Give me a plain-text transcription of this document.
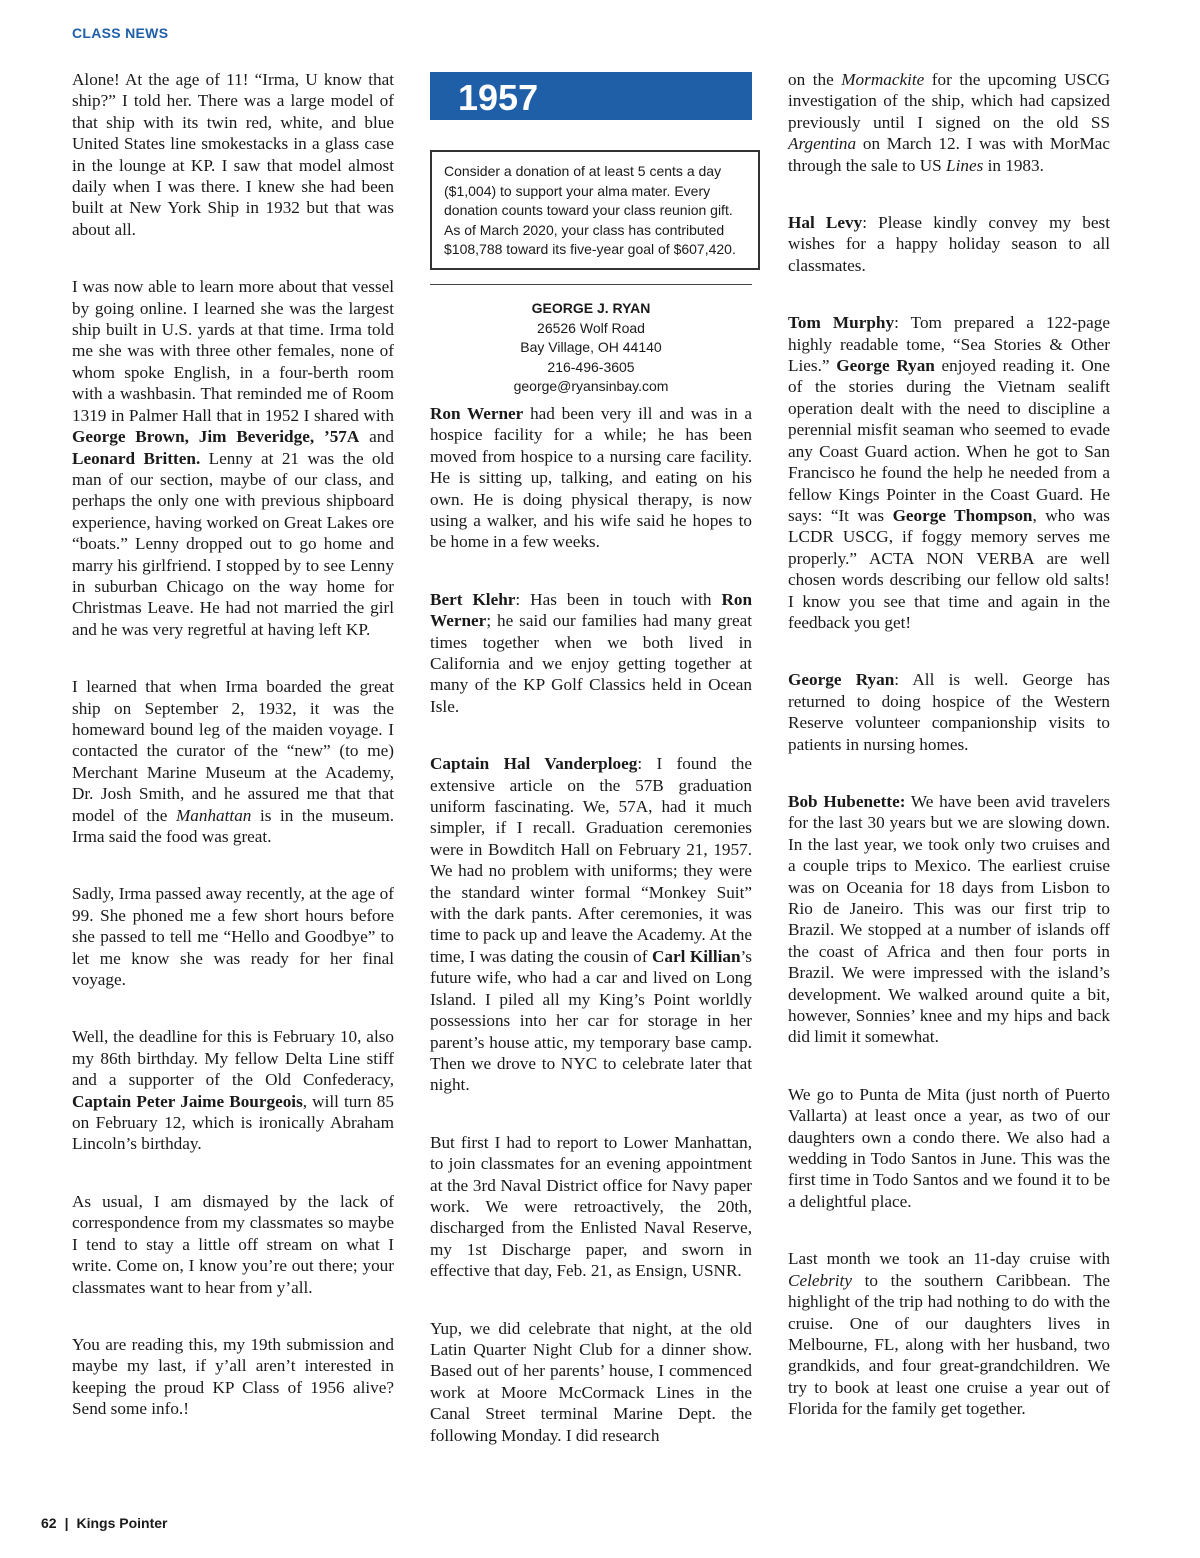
CLASS NEWS

Alone! At the age of 11! “Irma, U know that ship?” I told her. There was a large model of that ship with its twin red, white, and blue United States line smokestacks in a glass case in the lounge at KP. I saw that model almost daily when I was there. I knew she had been built at New York Ship in 1932 but that was about all.

I was now able to learn more about that vessel by going online. I learned she was the largest ship built in U.S. yards at that time. Irma told me she was with three other females, none of whom spoke English, in a four-berth room with a washbasin. That reminded me of Room 1319 in Palmer Hall that in 1952 I shared with George Brown, Jim Beveridge, ’57A and Leonard Britten. Lenny at 21 was the old man of our section, maybe of our class, and perhaps the only one with previous shipboard experience, having worked on Great Lakes ore “boats.” Lenny dropped out to go home and marry his girlfriend. I stopped by to see Lenny in suburban Chicago on the way home for Christmas Leave. He had not married the girl and he was very regretful at having left KP.

I learned that when Irma boarded the great ship on September 2, 1932, it was the homeward bound leg of the maiden voyage. I contacted the curator of the “new” (to me) Merchant Marine Museum at the Academy, Dr. Josh Smith, and he assured me that that model of the Manhattan is in the museum. Irma said the food was great.

Sadly, Irma passed away recently, at the age of 99. She phoned me a few short hours before she passed to tell me “Hello and Goodbye” to let me know she was ready for her final voyage.

Well, the deadline for this is February 10, also my 86th birthday. My fellow Delta Line stiff and a supporter of the Old Confederacy, Captain Peter Jaime Bourgeois, will turn 85 on February 12, which is ironically Abraham Lincoln’s birthday.

As usual, I am dismayed by the lack of correspondence from my classmates so maybe I tend to stay a little off stream on what I write. Come on, I know you’re out there; your classmates want to hear from y’all.

You are reading this, my 19th submission and maybe my last, if y’all aren’t interested in keeping the proud KP Class of 1956 alive? Send some info.!

1957
Consider a donation of at least 5 cents a day ($1,004) to support your alma mater. Every donation counts toward your class reunion gift. As of March 2020, your class has contributed $108,788 toward its five-year goal of $607,420.
GEORGE J. RYAN
26526 Wolf Road
Bay Village, OH 44140
216-496-3605
george@ryansinbay.com

Ron Werner had been very ill and was in a hospice facility for a while; he has been moved from hospice to a nursing care facility. He is sitting up, talking, and eating on his own. He is doing physical therapy, is now using a walker, and his wife said he hopes to be home in a few weeks.

Bert Klehr: Has been in touch with Ron Werner; he said our families had many great times together when we both lived in California and we enjoy getting together at many of the KP Golf Classics held in Ocean Isle.

Captain Hal Vanderploeg: I found the extensive article on the 57B graduation uniform fascinating. We, 57A, had it much simpler, if I recall. Graduation ceremonies were in Bowditch Hall on February 21, 1957. We had no problem with uniforms; they were the standard winter formal “Monkey Suit” with the dark pants. After ceremonies, it was time to pack up and leave the Academy. At the time, I was dating the cousin of Carl Killian’s future wife, who had a car and lived on Long Island. I piled all my King’s Point worldly possessions into her car for storage in her parent’s house attic, my temporary base camp. Then we drove to NYC to celebrate later that night.

But first I had to report to Lower Manhattan, to join classmates for an evening appointment at the 3rd Naval District office for Navy paper work. We were retroactively, the 20th, discharged from the Enlisted Naval Reserve, my 1st Discharge paper, and sworn in effective that day, Feb. 21, as Ensign, USNR.

Yup, we did celebrate that night, at the old Latin Quarter Night Club for a dinner show. Based out of her parents’ house, I commenced work at Moore McCormack Lines in the Canal Street terminal Marine Dept. the following Monday. I did research

on the Mormackite for the upcoming USCG investigation of the ship, which had capsized previously until I signed on the old SS Argentina on March 12. I was with MorMac through the sale to US Lines in 1983.

Hal Levy: Please kindly convey my best wishes for a happy holiday season to all classmates.

Tom Murphy: Tom prepared a 122-page highly readable tome, “Sea Stories & Other Lies.” George Ryan enjoyed reading it. One of the stories during the Vietnam sealift operation dealt with the need to discipline a perennial misfit seaman who seemed to evade any Coast Guard action. When he got to San Francisco he found the help he needed from a fellow Kings Pointer in the Coast Guard. He says: “It was George Thompson, who was LCDR USCG, if foggy memory serves me properly.” ACTA NON VERBA are well chosen words describing our fellow old salts! I know you see that time and again in the feedback you get!

George Ryan: All is well. George has returned to doing hospice of the Western Reserve volunteer companionship visits to patients in nursing homes.

Bob Hubenette: We have been avid travelers for the last 30 years but we are slowing down. In the last year, we took only two cruises and a couple trips to Mexico. The earliest cruise was on Oceania for 18 days from Lisbon to Rio de Janeiro. This was our first trip to Brazil. We stopped at a number of islands off the coast of Africa and then four ports in Brazil. We were impressed with the island’s development. We walked around quite a bit, however, Sonnies’ knee and my hips and back did limit it somewhat.

We go to Punta de Mita (just north of Puerto Vallarta) at least once a year, as two of our daughters own a condo there. We also had a wedding in Todo Santos in June. This was the first time in Todo Santos and we found it to be a delightful place.

Last month we took an 11-day cruise with Celebrity to the southern Caribbean. The highlight of the trip had nothing to do with the cruise. One of our daughters lives in Melbourne, FL, along with her husband, two grandkids, and four great-grandchildren. We try to book at least one cruise a year out of Florida for the family get together.

62 | Kings Pointer
